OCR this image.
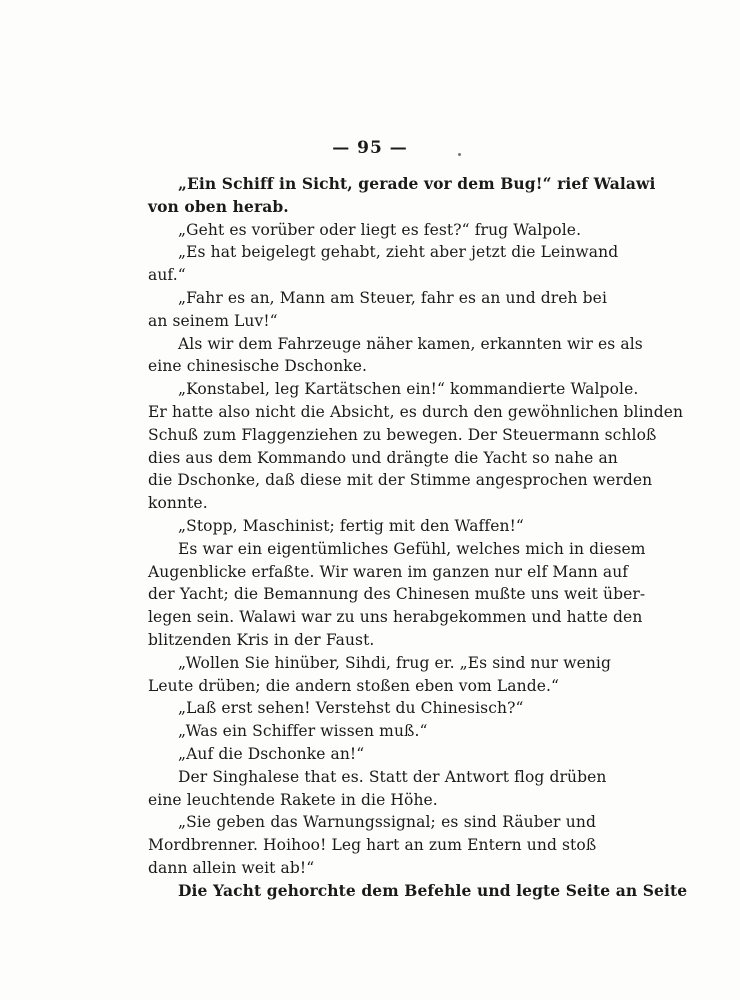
— 95 —
„Ein Schiff in Sicht, gerade vor dem Bug!“ rief Walawi
von oben herab.
„Geht es vorüber oder liegt es fest?“ frug Walpole.
„Es hat beigelegt gehabt, zieht aber jetzt die Leinwand
auf.“
„Fahr es an, Mann am Steuer, fahr es an und dreh bei
an seinem Luv!“
Als wir dem Fahrzeuge näher kamen, erkannten wir es als
eine chinesische Dschonke.
„Konstabel, leg Kartätschen ein!“ kommandierte Walpole.
Er hatte also nicht die Absicht, es durch den gewöhnlichen blinden
Schuß zum Flaggenziehen zu bewegen. Der Steuermann schloß
dies aus dem Kommando und drängte die Yacht so nahe an
die Dschonke, daß diese mit der Stimme angesprochen werden
konnte.
„Stopp, Maschinist; fertig mit den Waffen!“
Es war ein eigentümliches Gefühl, welches mich in diesem
Augenblicke erfaßte. Wir waren im ganzen nur elf Mann auf
der Yacht; die Bemannung des Chinesen mußte uns weit über-
legen sein. Walawi war zu uns herabgekommen und hatte den
blitzenden Kris in der Faust.
„Wollen Sie hinüber, Sihdi, frug er. „Es sind nur wenig
Leute drüben; die andern stoßen eben vom Lande.“
„Laß erst sehen! Verstehst du Chinesisch?“
„Was ein Schiffer wissen muß.“
„Auf die Dschonke an!“
Der Singhalese that es. Statt der Antwort flog drüben
eine leuchtende Rakete in die Höhe.
„Sie geben das Warnungssignal; es sind Räuber und
Mordbrenner. Hoihoo! Leg hart an zum Entern und stoß
dann allein weit ab!“
Die Yacht gehorchte dem Befehle und legte Seite an Seite
